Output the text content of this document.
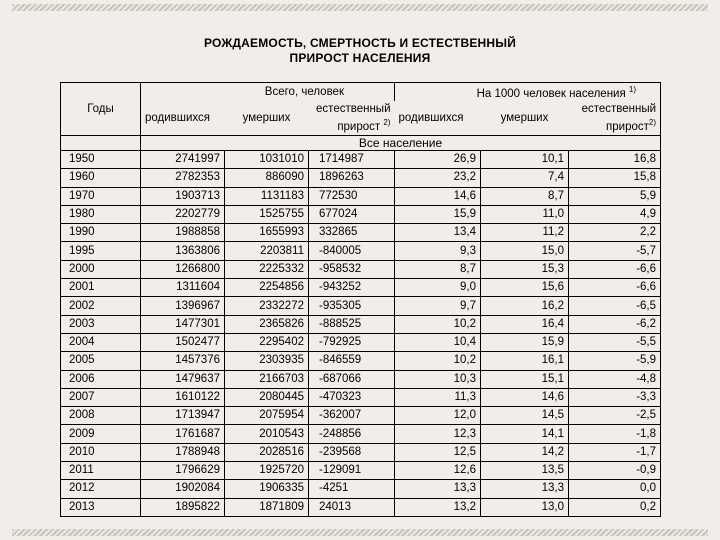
РОЖДАЕМОСТЬ, СМЕРТНОСТЬ И ЕСТЕСТВЕННЫЙ
ПРИРОСТ НАСЕЛЕНИЯ
Годы	Всего, человек			На 1000 человек населения $^{1)}$
	родившихся	умерших	естественный прирост $^{2)}$	родившихся	умерших	естественный прирост$^{2)}$
	Все население					
1950	2741997	1031010	1714987	26,9	10,1	16,8
1960	2782353	886090	1896263	23,2	7,4	15,8
1970	1903713	1131183	772530	14,6	8,7	5,9
1980	2202779	1525755	677024	15,9	11,0	4,9
1990	1988858	1655993	332865	13,4	11,2	2,2
1995	1363806	2203811	-840005	9,3	15,0	-5,7
2000	1266800	2225332	-958532	8,7	15,3	-6,6
2001	1311604	2254856	-943252	9,0	15,6	-6,6
2002	1396967	2332272	-935305	9,7	16,2	-6,5
2003	1477301	2365826	-888525	10,2	16,4	-6,2
2004	1502477	2295402	-792925	10,4	15,9	-5,5
2005	1457376	2303935	-846559	10,2	16,1	-5,9
2006	1479637	2166703	-687066	10,3	15,1	-4,8
2007	1610122	2080445	-470323	11,3	14,6	-3,3
2008	1713947	2075954	-362007	12,0	14,5	-2,5
2009	1761687	2010543	-248856	12,3	14,1	-1,8
2010	1788948	2028516	-239568	12,5	14,2	-1,7
2011	1796629	1925720	-129091	12,6	13,5	-0,9
2012	1902084	1906335	-4251	13,3	13,3	0,0
2013	1895822	1871809	24013	13,2	13,0	0,2
